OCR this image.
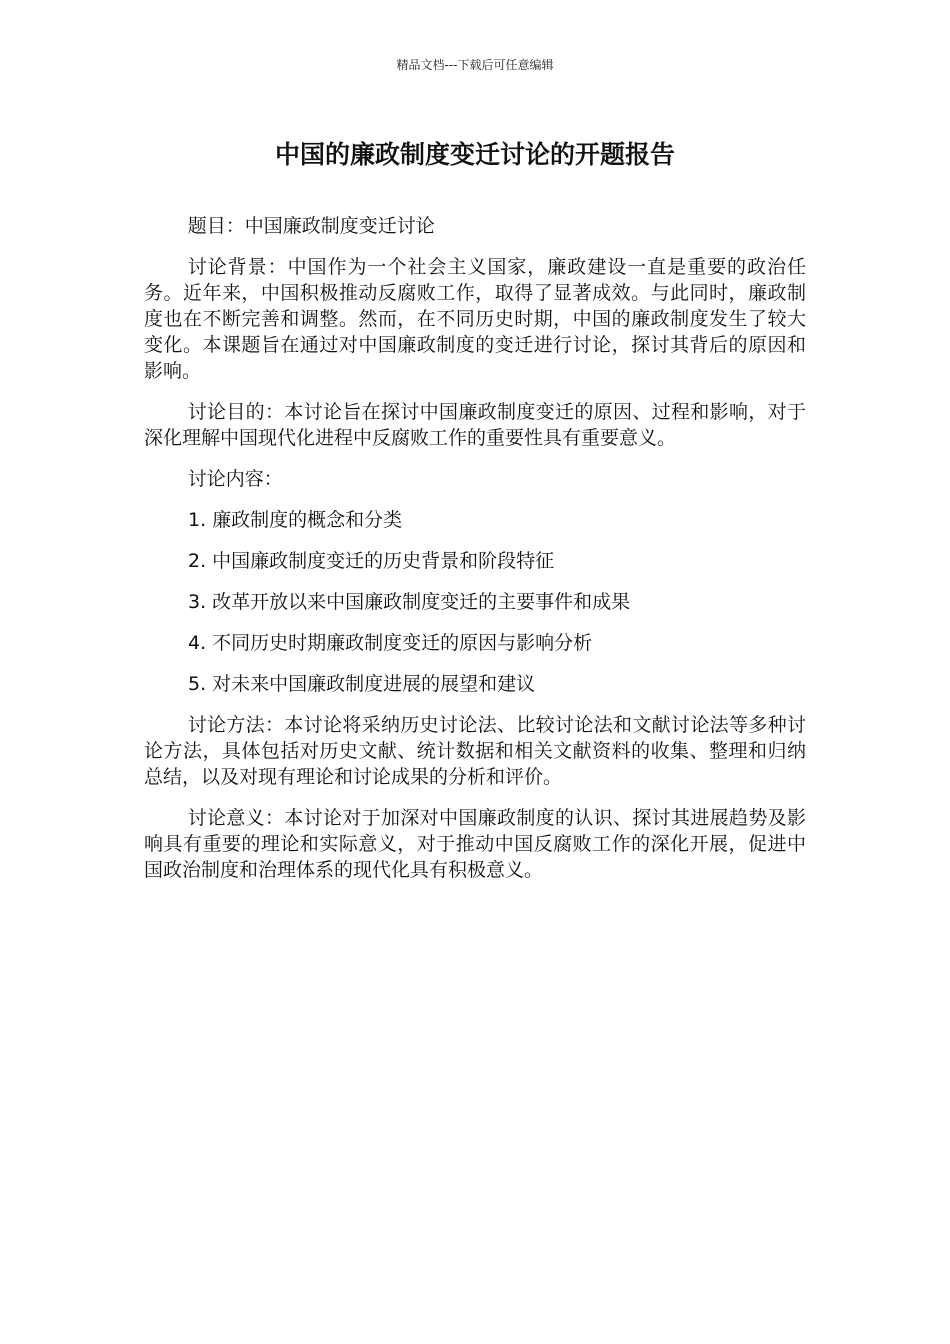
精品文档---下载后可任意编辑
中国的廉政制度变迁讨论的开题报告

题目：中国廉政制度变迁讨论

讨论背景：中国作为一个社会主义国家，廉政建设一直是重要的政治任务。近年来，中国积极推动反腐败工作，取得了显著成效。与此同时，廉政制度也在不断完善和调整。然而，在不同历史时期，中国的廉政制度发生了较大变化。本课题旨在通过对中国廉政制度的变迁进行讨论，探讨其背后的原因和影响。

讨论目的：本讨论旨在探讨中国廉政制度变迁的原因、过程和影响，对于深化理解中国现代化进程中反腐败工作的重要性具有重要意义。

讨论内容：

1. 廉政制度的概念和分类

2. 中国廉政制度变迁的历史背景和阶段特征

3. 改革开放以来中国廉政制度变迁的主要事件和成果

4. 不同历史时期廉政制度变迁的原因与影响分析

5. 对未来中国廉政制度进展的展望和建议

讨论方法：本讨论将采纳历史讨论法、比较讨论法和文献讨论法等多种讨论方法，具体包括对历史文献、统计数据和相关文献资料的收集、整理和归纳总结，以及对现有理论和讨论成果的分析和评价。

讨论意义：本讨论对于加深对中国廉政制度的认识、探讨其进展趋势及影响具有重要的理论和实际意义，对于推动中国反腐败工作的深化开展，促进中国政治制度和治理体系的现代化具有积极意义。
